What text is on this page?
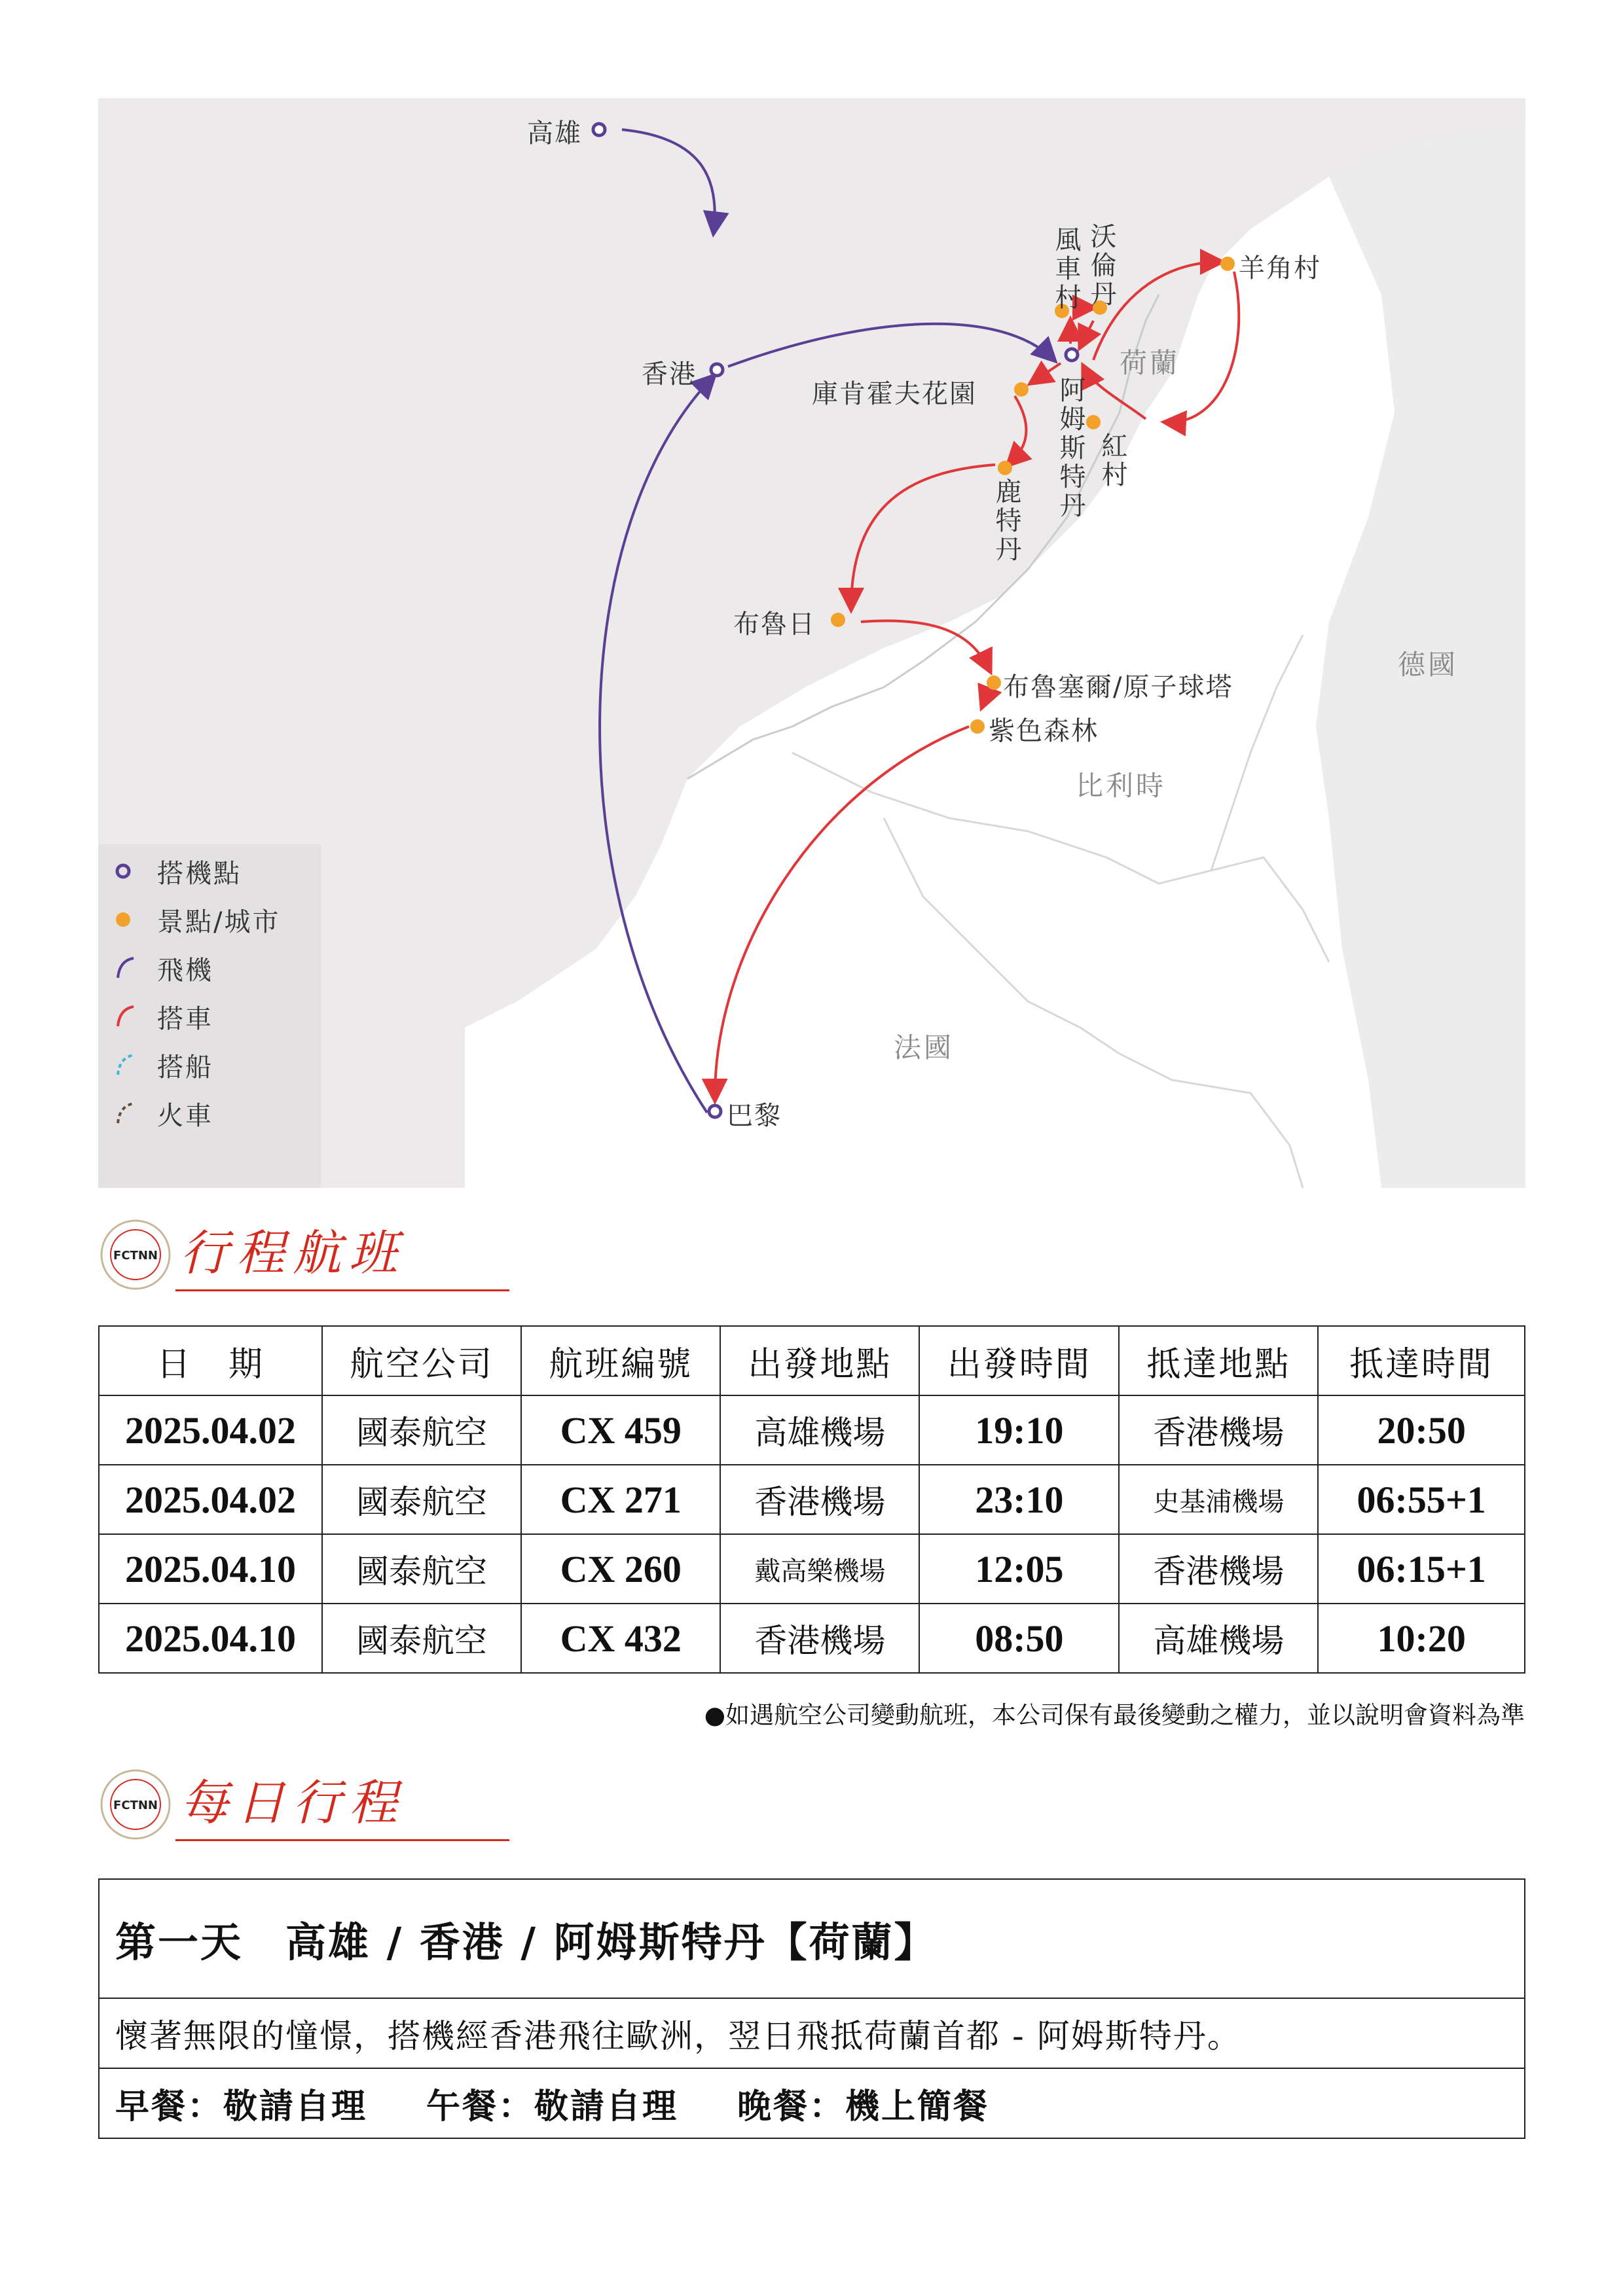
高雄
香港
巴黎
風車村 沃倫丹	羊角村
庫肯霍夫花園	阿姆斯特丹 紅村
鹿特丹
布魯日
布魯塞爾/原子球塔
紫色森林
荷蘭
德國
比利時
法國
搭機點
景點/城市
飛機
搭車
搭船
火車
FCTNN 行程航班
日　期	航空公司	航班編號	出發地點	出發時間	抵達地點	抵達時間
2025.04.02	國泰航空	CX 459	高雄機場	19:10	香港機場	20:50
2025.04.02	國泰航空	CX 271	香港機場	23:10	史基浦機場	06:55+1
2025.04.10	國泰航空	CX 260	戴高樂機場	12:05	香港機場	06:15+1
2025.04.10	國泰航空	CX 432	香港機場	08:50	高雄機場	10:20
●如遇航空公司變動航班，本公司保有最後變動之權力，並以說明會資料為準
FCTNN 每日行程
第一天　高雄 / 香港 / 阿姆斯特丹【荷蘭】
懷著無限的憧憬，搭機經香港飛往歐洲，翌日飛抵荷蘭首都 - 阿姆斯特丹。
早餐：敬請自理 午餐：敬請自理 晚餐：機上簡餐
